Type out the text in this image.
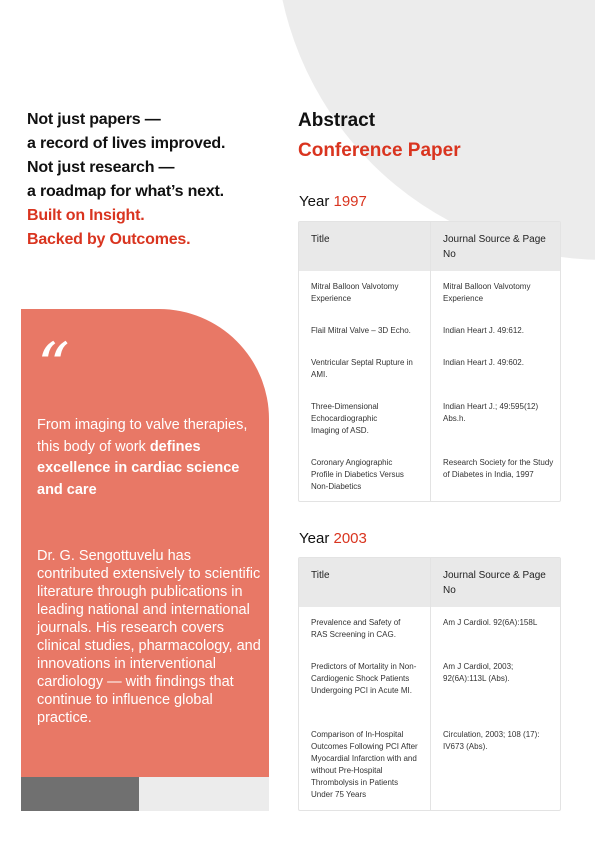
Not just papers —

a record of lives improved.

Not just research —

a roadmap for what’s next.

Built on Insight.

Backed by Outcomes.

“

From imaging to valve therapies, this body of work defines excellence in cardiac science and care

Dr. G. Sengottuvelu has contributed extensively to scientific literature through publications in leading national and international journals. His research covers clinical studies, pharmacology, and innovations in interventional cardiology — with findings that continue to influence global practice.

Abstract
Conference Paper
Year 1997
Title	Journal Source & Page No
Mitral Balloon Valvotomy Experience
Flail Mitral Valve – 3D Echo.
Ventricular Septal Rupture in AMI.
Three-Dimensional Echocardiographic Imaging of ASD.
Coronary Angiographic Profile in Diabetics Versus Non-Diabetics
Mitral Balloon Valvotomy Experience
Indian Heart J. 49:612.
Indian Heart J. 49:602.
Indian Heart J.; 49:595(12) Abs.h.
Research Society for the Study of Diabetes in India, 1997
Year 2003
Title	Journal Source & Page No
Prevalence and Safety of RAS Screening in CAG.
Predictors of Mortality in Non-Cardiogenic Shock Patients Undergoing PCI in Acute MI.
Comparison of In-Hospital Outcomes Following PCI After Myocardial Infarction with and without Pre-Hospital Thrombolysis in Patients Under 75 Years
Am J Cardiol. 92(6A):158L
Am J Cardiol, 2003; 92(6A):113L (Abs).
Circulation, 2003; 108 (17): IV673 (Abs).
